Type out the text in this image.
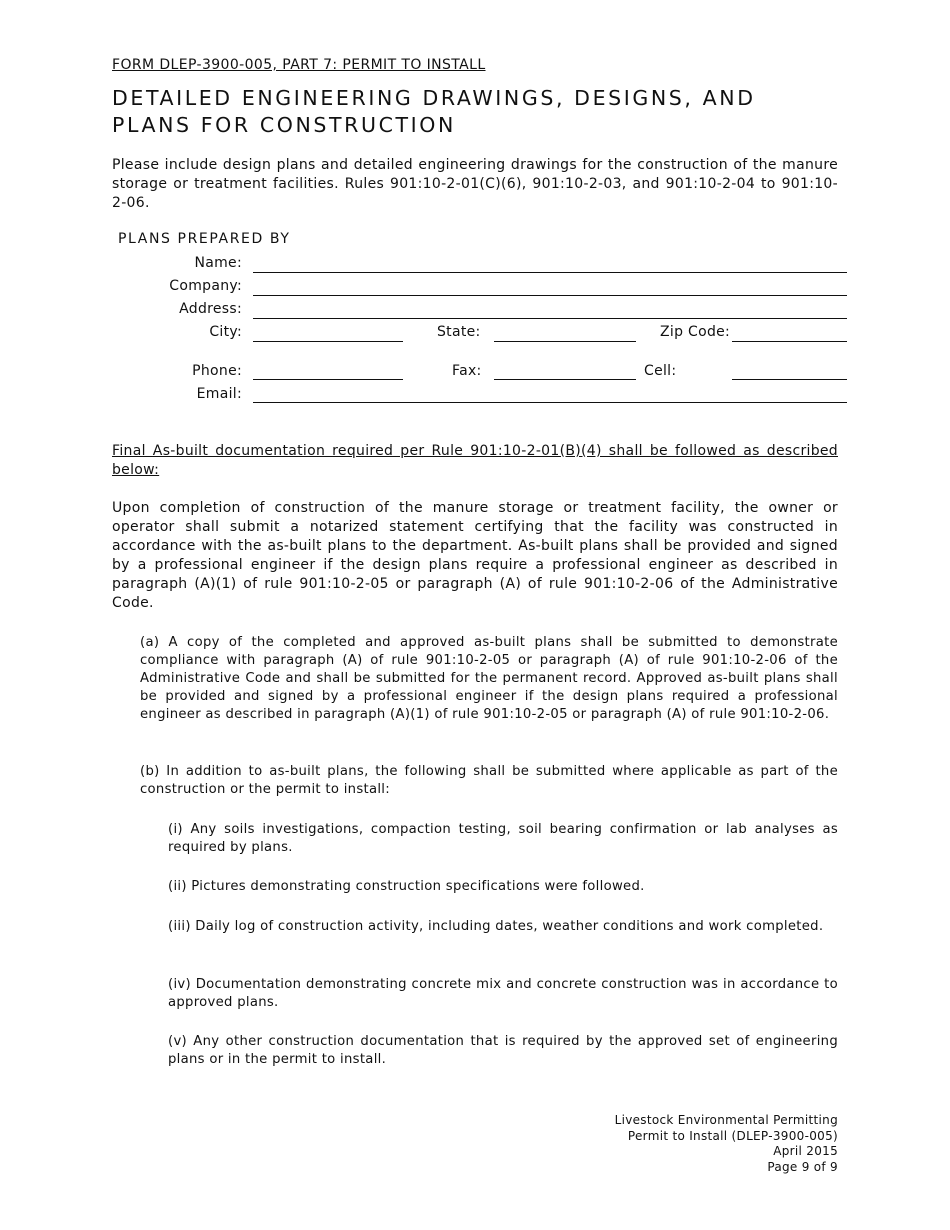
FORM DLEP-3900-005, PART 7: PERMIT TO INSTALL
DETAILED ENGINEERING DRAWINGS, DESIGNS, AND PLANS FOR CONSTRUCTION

Please include design plans and detailed engineering drawings for the construction of the manure storage or treatment facilities. Rules 901:10-2-01(C)(6), 901:10-2-03, and 901:10-2-04 to 901:10-2-06.

PLANS PREPARED BY
Name:
Company:
Address:
City:	State:	Zip Code:
Phone:	Fax:	Cell:
Email:

Final As-built documentation required per Rule 901:10-2-01(B)(4) shall be followed as described below:

Upon completion of construction of the manure storage or treatment facility, the owner or operator shall submit a notarized statement certifying that the facility was constructed in accordance with the as-built plans to the department. As-built plans shall be provided and signed by a professional engineer if the design plans require a professional engineer as described in paragraph (A)(1) of rule 901:10-2-05 or paragraph (A) of rule 901:10-2-06 of the Administrative Code.

(a) A copy of the completed and approved as-built plans shall be submitted to demonstrate compliance with paragraph (A) of rule 901:10-2-05 or paragraph (A) of rule 901:10-2-06 of the Administrative Code and shall be submitted for the permanent record. Approved as-built plans shall be provided and signed by a professional engineer if the design plans required a professional engineer as described in paragraph (A)(1) of rule 901:10-2-05 or paragraph (A) of rule 901:10-2-06.

(b) In addition to as-built plans, the following shall be submitted where applicable as part of the construction or the permit to install:

(i) Any soils investigations, compaction testing, soil bearing confirmation or lab analyses as required by plans.

(ii) Pictures demonstrating construction specifications were followed.

(iii) Daily log of construction activity, including dates, weather conditions and work completed.

(iv) Documentation demonstrating concrete mix and concrete construction was in accordance to approved plans.

(v) Any other construction documentation that is required by the approved set of engineering plans or in the permit to install.

Livestock Environmental Permitting
Permit to Install (DLEP-3900-005)
April 2015
Page 9 of 9
